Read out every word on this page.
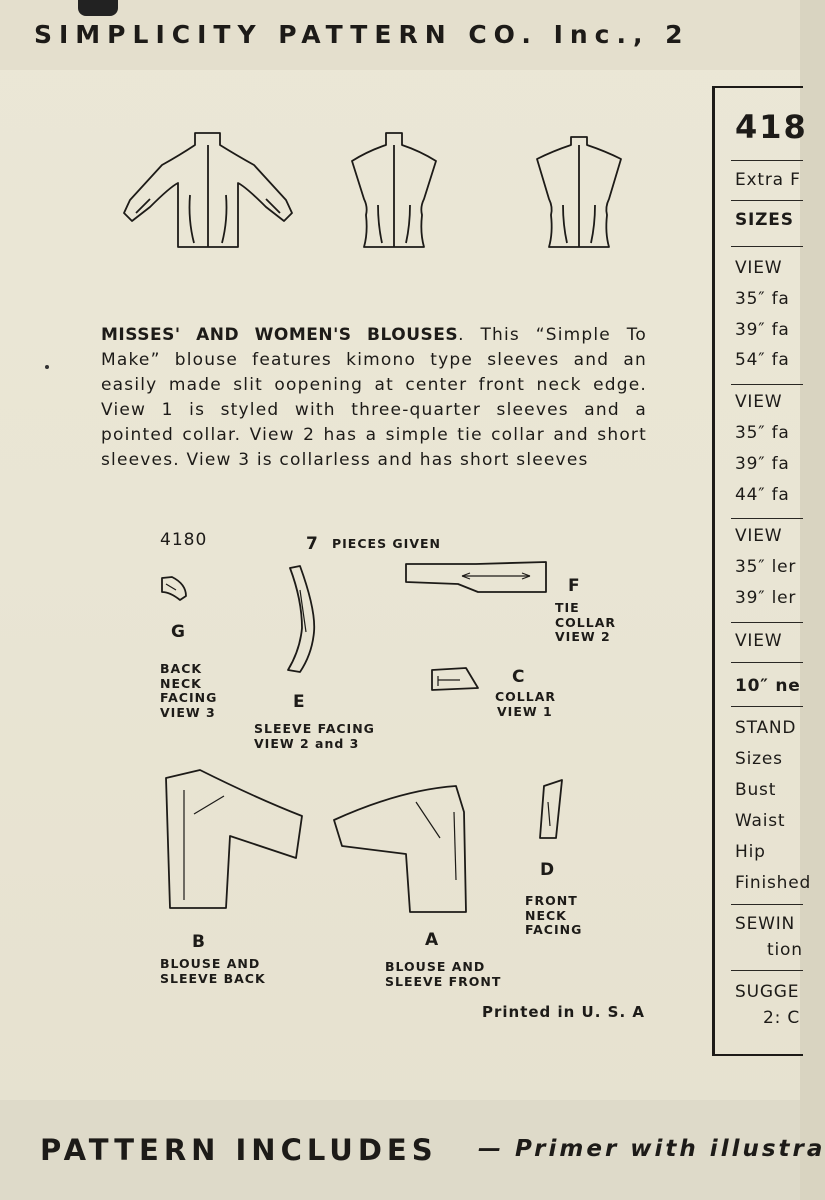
SIMPLICITY PATTERN CO. Inc., 2
MISSES' AND WOMEN'S BLOUSES. This “Simple To Make” blouse features kimono type sleeves and an easily made slit oopening at center front neck edge. View 1 is styled with three-quarter sleeves and a pointed collar. View 2 has a simple tie collar and short sleeves. View 3 is collarless and has short sleeves
4180	7 PIECES GIVEN
G
BACK
NECK
FACING
VIEW 3	E
SLEEVE FACING
VIEW 2 and 3
F
TIE
COLLAR
VIEW 2
C
COLLAR
VIEW 1
B
BLOUSE AND
SLEEVE BACK
A
BLOUSE AND
SLEEVE FRONT
D
FRONT
NECK
FACING
Printed in U. S. A
418
Extra F
SIZES
VIEW
35″ fa
39″ fa
54″ fa
VIEW
35″ fa
39″ fa
44″ fa
VIEW
35″ ler
39″ ler
VIEW
10″ ne
STAND
Sizes
Bust
Waist
Hip
Finished
SEWIN
tion
SUGGE
2: C
PATTERN INCLUDES — Primer with illustra
